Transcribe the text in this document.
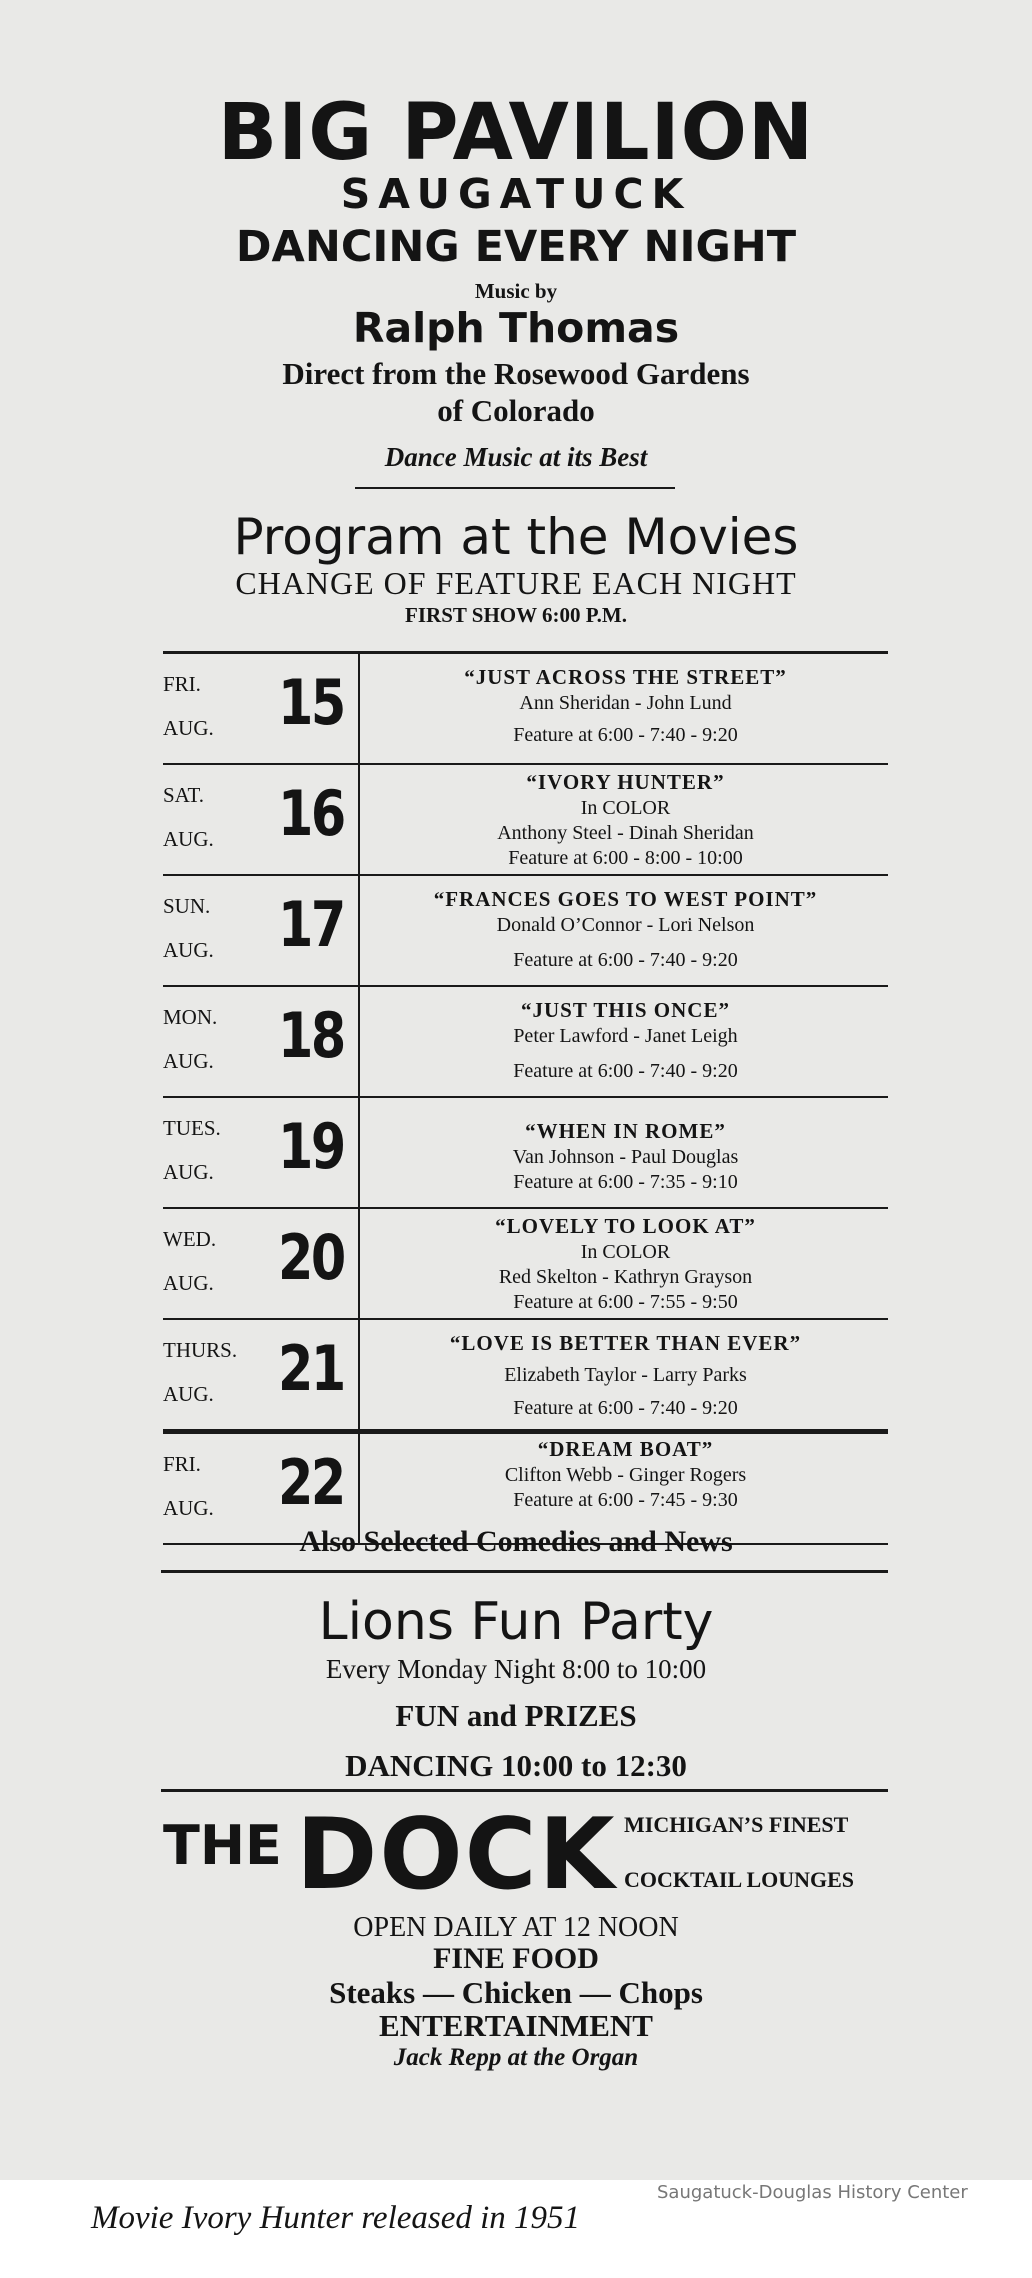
BIG PAVILION
SAUGATUCK
DANCING EVERY NIGHT
Music by
Ralph Thomas
Direct from the Rosewood Gardens
of Colorado
Dance Music at its Best
Program at the Movies
CHANGE OF FEATURE EACH NIGHT
FIRST SHOW 6:00 P.M.
FRI.
AUG. 15	“JUST ACROSS THE STREET”
Ann Sheridan - John Lund
Feature at 6:00 - 7:40 - 9:20
SAT.
AUG. 16	“IVORY HUNTER”
In COLOR
Anthony Steel - Dinah Sheridan
Feature at 6:00 - 8:00 - 10:00
SUN.
AUG. 17	“FRANCES GOES TO WEST POINT”
Donald O’Connor - Lori Nelson
Feature at 6:00 - 7:40 - 9:20
MON.
AUG. 18	“JUST THIS ONCE”
Peter Lawford - Janet Leigh
Feature at 6:00 - 7:40 - 9:20
TUES.
AUG. 19	“WHEN IN ROME”
Van Johnson - Paul Douglas
Feature at 6:00 - 7:35 - 9:10
WED.
AUG. 20	“LOVELY TO LOOK AT”
In COLOR
Red Skelton - Kathryn Grayson
Feature at 6:00 - 7:55 - 9:50
THURS.
AUG. 21	“LOVE IS BETTER THAN EVER”
Elizabeth Taylor - Larry Parks
Feature at 6:00 - 7:40 - 9:20
FRI.
AUG. 22	“DREAM BOAT”
Clifton Webb - Ginger Rogers
Feature at 6:00 - 7:45 - 9:30
Also Selected Comedies and News
Lions Fun Party
Every Monday Night 8:00 to 10:00
FUN and PRIZES
DANCING 10:00 to 12:30
THE DOCK MICHIGAN’S FINEST
COCKTAIL LOUNGES
OPEN DAILY AT 12 NOON
FINE FOOD
Steaks — Chicken — Chops
ENTERTAINMENT
Jack Repp at the Organ
Saugatuck-Douglas History Center
Movie Ivory Hunter released in 1951
